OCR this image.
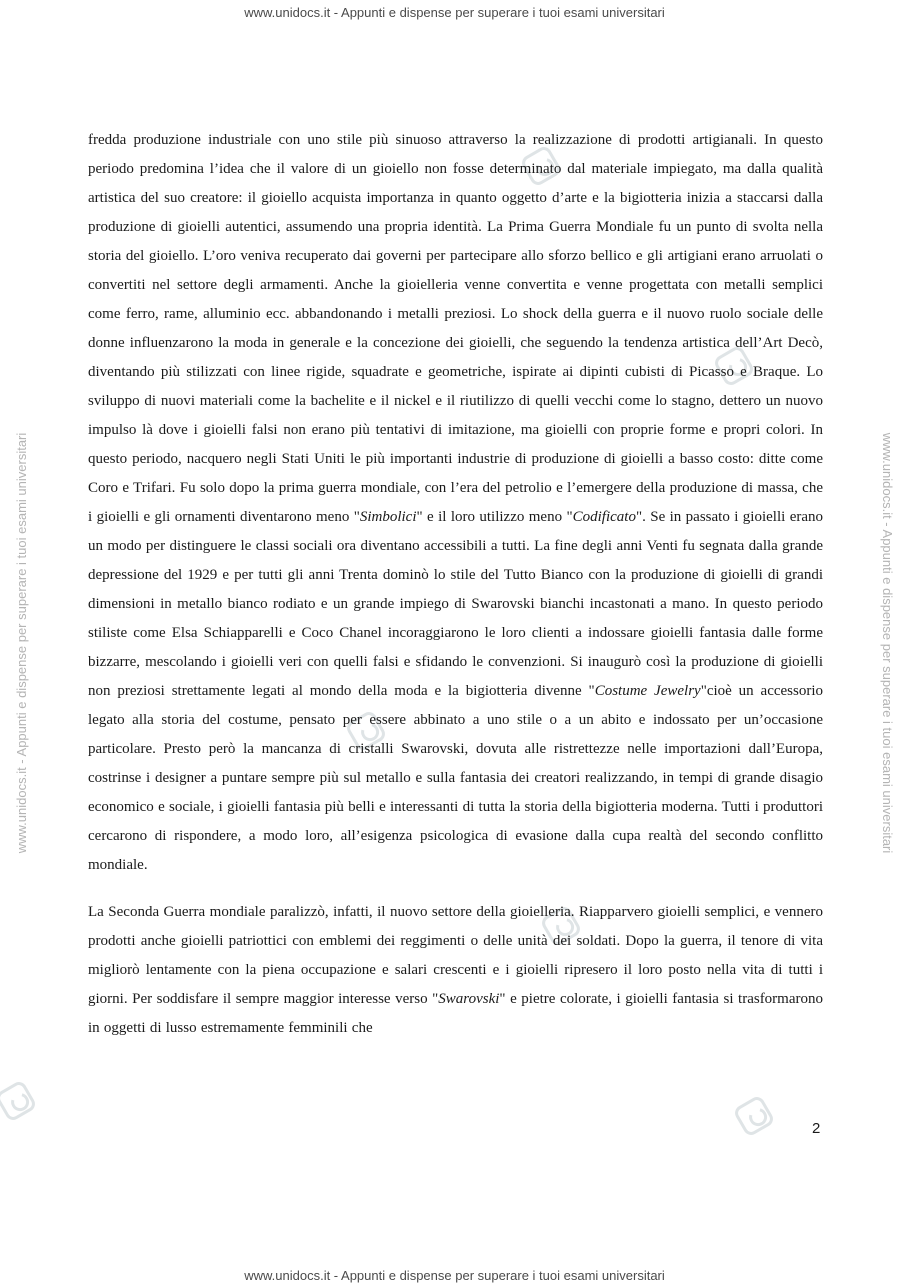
www.unidocs.it - Appunti e dispense per superare i tuoi esami universitari
www.unidocs.it - Appunti e dispense per superare i tuoi esami universitari	www.unidocs.it - Appunti e dispense per superare i tuoi esami universitari

fredda produzione industriale con uno stile più sinuoso attraverso la realizzazione di prodotti artigianali. In questo periodo predomina l’idea che il valore di un gioiello non fosse determinato dal materiale impiegato, ma dalla qualità artistica del suo creatore: il gioiello acquista importanza in quanto oggetto d’arte e la bigiotteria inizia a staccarsi dalla produzione di gioielli autentici, assumendo una propria identità. La Prima Guerra Mondiale fu un punto di svolta nella storia del gioiello. L’oro veniva recuperato dai governi per partecipare allo sforzo bellico e gli artigiani erano arruolati o convertiti nel settore degli armamenti. Anche la gioielleria venne convertita e venne progettata con metalli semplici come ferro, rame, alluminio ecc. abbandonando i metalli preziosi. Lo shock della guerra e il nuovo ruolo sociale delle donne influenzarono la moda in generale e la concezione dei gioielli, che seguendo la tendenza artistica dell’Art Decò, diventando più stilizzati con linee rigide, squadrate e geometriche, ispirate ai dipinti cubisti di Picasso e Braque. Lo sviluppo di nuovi materiali come la bachelite e il nickel e il riutilizzo di quelli vecchi come lo stagno, dettero un nuovo impulso là dove i gioielli falsi non erano più tentativi di imitazione, ma gioielli con proprie forme e propri colori. In questo periodo, nacquero negli Stati Uniti le più importanti industrie di produzione di gioielli a basso costo: ditte come Coro e Trifari. Fu solo dopo la prima guerra mondiale, con l’era del petrolio e l’emergere della produzione di massa, che i gioielli e gli ornamenti diventarono meno "Simbolici" e il loro utilizzo meno "Codificato". Se in passato i gioielli erano un modo per distinguere le classi sociali ora diventano accessibili a tutti. La fine degli anni Venti fu segnata dalla grande depressione del 1929 e per tutti gli anni Trenta dominò lo stile del Tutto Bianco con la produzione di gioielli di grandi dimensioni in metallo bianco rodiato e un grande impiego di Swarovski bianchi incastonati a mano. In questo periodo stiliste come Elsa Schiapparelli e Coco Chanel incoraggiarono le loro clienti a indossare gioielli fantasia dalle forme bizzarre, mescolando i gioielli veri con quelli falsi e sfidando le convenzioni. Si inaugurò così la produzione di gioielli non preziosi strettamente legati al mondo della moda e la bigiotteria divenne "Costume Jewelry"cioè un accessorio legato alla storia del costume, pensato per essere abbinato a uno stile o a un abito e indossato per un’occasione particolare. Presto però la mancanza di cristalli Swarovski, dovuta alle ristrettezze nelle importazioni dall’Europa, costrinse i designer a puntare sempre più sul metallo e sulla fantasia dei creatori realizzando, in tempi di grande disagio economico e sociale, i gioielli fantasia più belli e interessanti di tutta la storia della bigiotteria moderna. Tutti i produttori cercarono di rispondere, a modo loro, all’esigenza psicologica di evasione dalla cupa realtà del secondo conflitto mondiale.

La Seconda Guerra mondiale paralizzò, infatti, il nuovo settore della gioielleria. Riapparvero gioielli semplici, e vennero prodotti anche gioielli patriottici con emblemi dei reggimenti o delle unità dei soldati. Dopo la guerra, il tenore di vita migliorò lentamente con la piena occupazione e salari crescenti e i gioielli ripresero il loro posto nella vita di tutti i giorni. Per soddisfare il sempre maggior interesse verso "Swarovski" e pietre colorate, i gioielli fantasia si trasformarono in oggetti di lusso estremamente femminili che

2
www.unidocs.it - Appunti e dispense per superare i tuoi esami universitari
